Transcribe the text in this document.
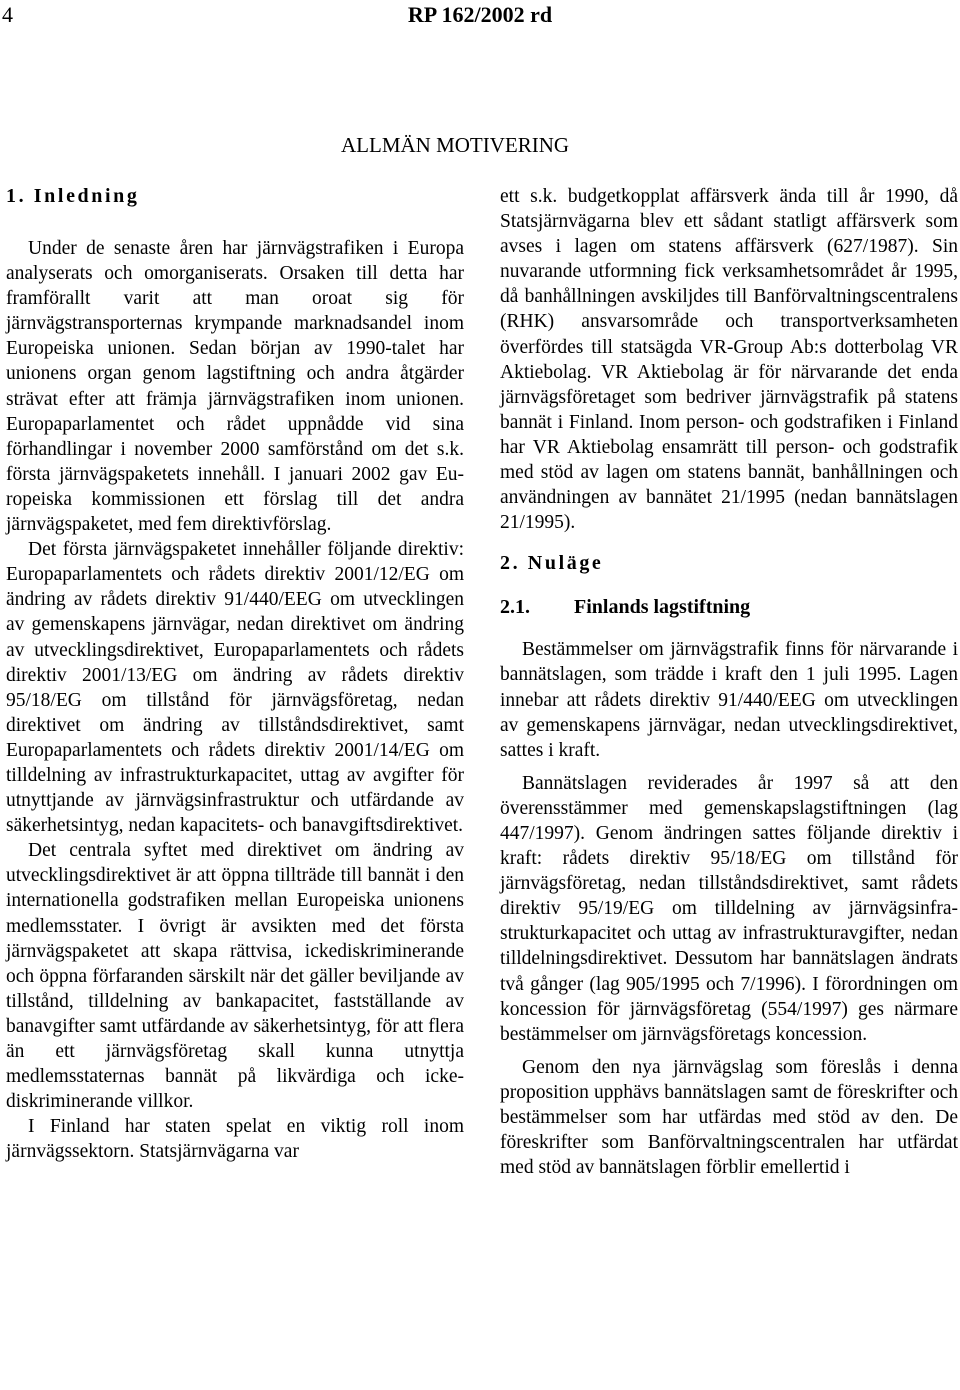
4	RP 162/2002 rd
ALLMÄN MOTIVERING
1. Inledning

Under de senaste åren har järnvägstrafiken i Europa analyserats och omorganiserats. Orsaken till detta har framförallt varit att man oroat sig för järnvägstransporternas krympande marknadsandel inom Europeiska unionen. Sedan början av 1990-talet har unionens organ genom lagstiftning och andra åtgärder strävat efter att främja järnvägstrafiken inom unionen. Europaparlamentet och rådet uppnådde vid sina förhandlingar i november 2000 samförstånd om det s.k. första järnvägspaketets innehåll. I januari 2002 gav Europeiska kommissionen ett förslag till det andra järnvägspaketet, med fem direktivförslag.

Det första järnvägspaketet innehåller följande direktiv: Europaparlamentets och rådets direktiv 2001/12/EG om ändring av rådets direktiv 91/440/EEG om utvecklingen av gemenskapens järnvägar, nedan direktivet om ändring av utvecklingsdirektivet, Europaparlamentets och rådets direktiv 2001/13/EG om ändring av rådets direktiv 95/18/EG om tillstånd för järnvägsföretag, nedan direktivet om ändring av tillståndsdirektivet, samt Europaparlamentets och rådets direktiv 2001/14/EG om tilldelning av infrastrukturkapacitet, uttag av avgifter för utnyttjande av järnvägsinfrastruktur och utfärdande av säkerhetsintyg, nedan kapacitets- och banavgiftsdirektivet.

Det centrala syftet med direktivet om ändring av utvecklingsdirektivet är att öppna tillträde till bannät i den internationella godstrafiken mellan Europeiska unionens medlemsstater. I övrigt är avsikten med det första järnvägspaketet att skapa rättvisa, ickediskriminerande och öppna förfaranden särskilt när det gäller beviljande av tillstånd, tilldelning av bankapacitet, fastställande av banavgifter samt utfärdande av säkerhetsintyg, för att flera än ett järnvägsföretag skall kunna utnyttja medlemsstaternas bannät på likvärdiga och icke-diskriminerande villkor.

I Finland har staten spelat en viktig roll inom järnvägssektorn. Statsjärnvägarna var

ett s.k. budgetkopplat affärsverk ända till år 1990, då Statsjärnvägarna blev ett sådant statligt affärsverk som avses i lagen om statens affärsverk (627/1987). Sin nuvarande utformning fick verksamhetsområdet år 1995, då banhållningen avskiljdes till Banförvaltningscentralens (RHK) ansvarsområde och transportverksamheten överfördes till statsägda VR-Group Ab:s dotterbolag VR Aktiebolag. VR Aktiebolag är för närvarande det enda järnvägsföretaget som bedriver järnvägstrafik på statens bannät i Finland. Inom person- och godstrafiken i Finland har VR Aktiebolag ensamrätt till person- och godstrafik med stöd av lagen om statens bannät, banhållningen och användningen av bannätet 21/1995 (nedan bannätslagen 21/1995).

2. Nuläge
2.1. Finlands lagstiftning

Bestämmelser om järnvägstrafik finns för närvarande i bannätslagen, som trädde i kraft den 1 juli 1995. Lagen innebar att rådets direktiv 91/440/EEG om utvecklingen av gemenskapens järnvägar, nedan utvecklingsdirektivet, sattes i kraft.

Bannätslagen reviderades år 1997 så att den överensstämmer med gemenskapslagstiftningen (lag 447/1997). Genom ändringen sattes följande direktiv i kraft: rådets direktiv 95/18/EG om tillstånd för järnvägsföretag, nedan tillståndsdirektivet, samt rådets direktiv 95/19/EG om tilldelning av järnvägsinfrastrukturkapacitet och uttag av infrastrukturavgifter, nedan tilldelningsdirektivet. Dessutom har bannätslagen ändrats två gånger (lag 905/1995 och 7/1996). I förordningen om koncession för järnvägsföretag (554/1997) ges närmare bestämmelser om järnvägsföretags koncession.

Genom den nya järnvägslag som föreslås i denna proposition upphävs bannätslagen samt de föreskrifter och bestämmelser som har utfärdas med stöd av den. De föreskrifter som Banförvaltningscentralen har utfärdat med stöd av bannätslagen förblir emellertid i
